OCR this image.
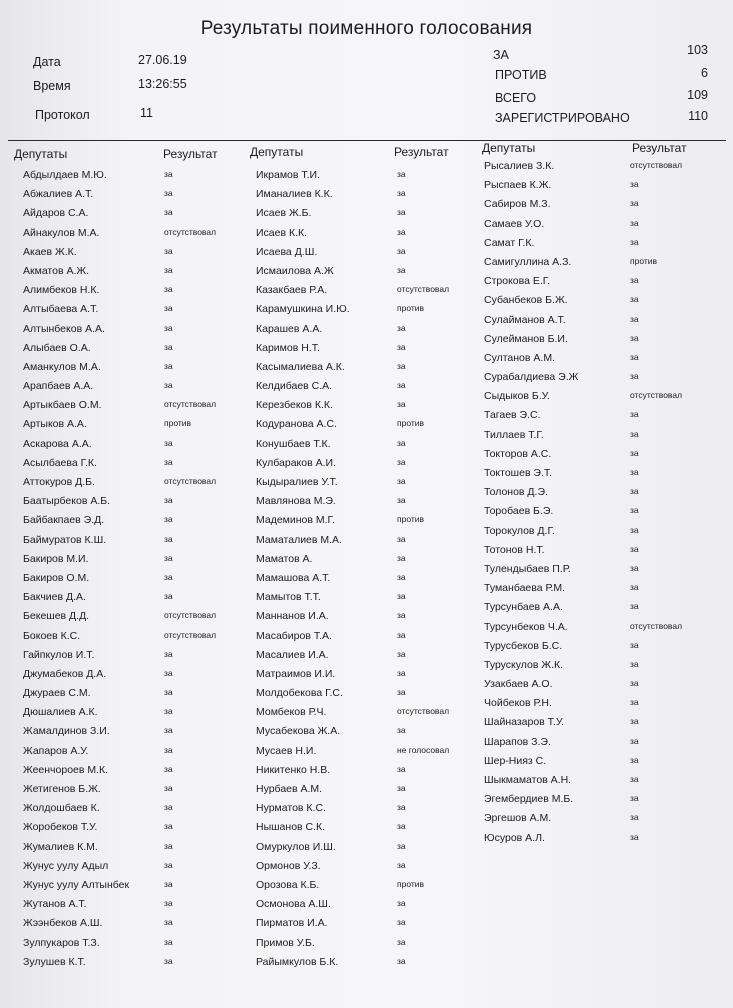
Результаты поименного голосования
Дата	27.06.19
Время	13:26:55
Протокол	11
ЗА	103
ПРОТИВ	6
ВСЕГО	109
ЗАРЕГИСТРИРОВАНО	110
Депутаты	Результат	Депутаты	Результат	Депутаты	Результат
Абдылдаев М.Ю.	за
Абжалиев А.Т.	за
Айдаров С.А.	за
Айнакулов М.А.	отсутствовал
Акаев Ж.К.	за
Акматов А.Ж.	за
Алимбеков Н.К.	за
Алтыбаева А.Т.	за
Алтынбеков А.А.	за
Алыбаев О.А.	за
Аманкулов М.А.	за
Арапбаев А.А.	за
Артыкбаев О.М.	отсутствовал
Артыков А.А.	против
Аскарова А.А.	за
Асылбаева Г.К.	за
Аттокуров Д.Б.	отсутствовал
Баатырбеков А.Б.	за
Байбакпаев Э.Д.	за
Баймуратов К.Ш.	за
Бакиров М.И.	за
Бакиров О.М.	за
Бакчиев Д.А.	за
Бекешев Д.Д.	отсутствовал
Бокоев К.С.	отсутствовал
Гайпкулов И.Т.	за
Джумабеков Д.А.	за
Джураев С.М.	за
Дюшалиев А.К.	за
Жамалдинов З.И.	за
Жапаров А.У.	за
Жеенчороев М.К.	за
Жетигенов Б.Ж.	за
Жолдошбаев К.	за
Жоробеков Т.У.	за
Жумалиев К.М.	за
Жунус уулу Адыл	за
Жунус уулу Алтынбек	за
Жутанов А.Т.	за
Жээнбеков А.Ш.	за
Зулпукаров Т.З.	за
Зулушев К.Т.	за
Икрамов Т.И.	за
Иманалиев К.К.	за
Исаев Ж.Б.	за
Исаев К.К.	за
Исаева Д.Ш.	за
Исмаилова А.Ж	за
Казакбаев Р.А.	отсутствовал
Карамушкина И.Ю.	против
Карашев А.А.	за
Каримов Н.Т.	за
Касымалиева А.К.	за
Келдибаев С.А.	за
Керезбеков К.К.	за
Кодуранова А.С.	против
Конушбаев Т.К.	за
Кулбараков А.И.	за
Кыдыралиев У.Т.	за
Мавлянова М.Э.	за
Мадеминов М.Г.	против
Маматалиев М.А.	за
Маматов А.	за
Мамашова А.Т.	за
Мамытов Т.Т.	за
Маннанов И.А.	за
Масабиров Т.А.	за
Масалиев И.А.	за
Матраимов И.И.	за
Молдобекова Г.С.	за
Момбеков Р.Ч.	отсутствовал
Мусабекова Ж.А.	за
Мусаев Н.И.	не голосовал
Никитенко Н.В.	за
Нурбаев А.М.	за
Нурматов К.С.	за
Нышанов С.К.	за
Омуркулов И.Ш.	за
Ормонов У.З.	за
Орозова К.Б.	против
Осмонова А.Ш.	за
Пирматов И.А.	за
Примов У.Б.	за
Райымкулов Б.К.	за
Рысалиев З.К.	отсутствовал
Рыспаев К.Ж.	за
Сабиров М.З.	за
Самаев У.О.	за
Самат Г.К.	за
Самигуллина А.З.	против
Строкова Е.Г.	за
Субанбеков Б.Ж.	за
Сулайманов А.Т.	за
Сулейманов Б.И.	за
Султанов А.М.	за
Сурабалдиева Э.Ж	за
Сыдыков Б.У.	отсутствовал
Тагаев Э.С.	за
Тиллаев Т.Г.	за
Токторов А.С.	за
Токтошев Э.Т.	за
Толонов Д.Э.	за
Торобаев Б.Э.	за
Торокулов Д.Г.	за
Тотонов Н.Т.	за
Тулендыбаев П.Р.	за
Туманбаева Р.М.	за
Турсунбаев А.А.	за
Турсунбеков Ч.А.	отсутствовал
Турусбеков Б.С.	за
Турускулов Ж.К.	за
Узакбаев А.О.	за
Чойбеков Р.Н.	за
Шайназаров Т.У.	за
Шарапов З.Э.	за
Шер-Нияз С.	за
Шыкмаматов А.Н.	за
Эгембердиев М.Б.	за
Эргешов А.М.	за
Юсуров А.Л.	за
